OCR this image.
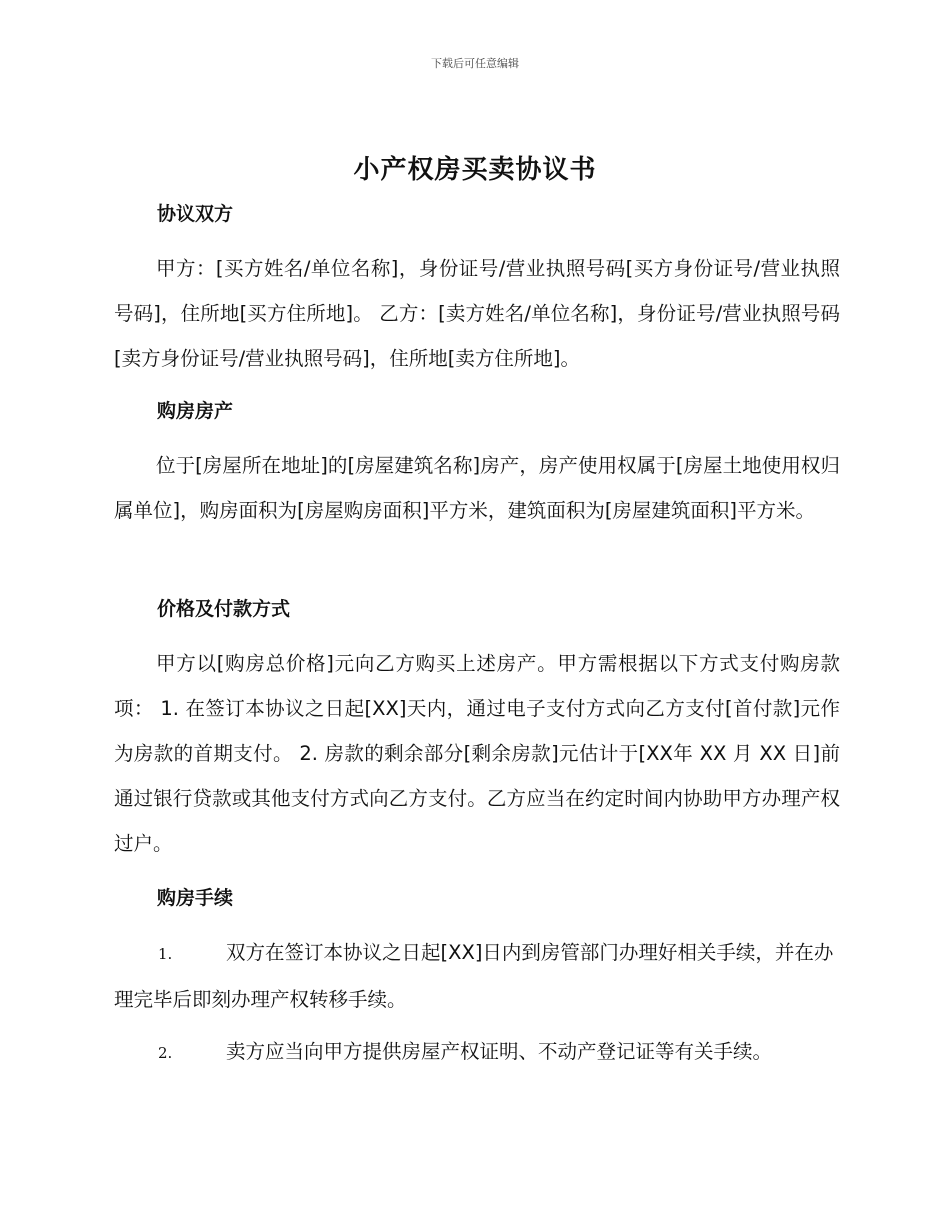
下载后可任意编辑
小产权房买卖协议书
协议双方

甲方：[买方姓名/单位名称]，身份证号/营业执照号码[买方身份证号/营业执照号码]，住所地[买方住所地]。 乙方：[卖方姓名/单位名称]，身份证号/营业执照号码[卖方身份证号/营业执照号码]，住所地[卖方住所地]。

购房房产

位于[房屋所在地址]的[房屋建筑名称]房产，房产使用权属于[房屋土地使用权归属单位]，购房面积为[房屋购房面积]平方米，建筑面积为[房屋建筑面积]平方米。

价格及付款方式

甲方以[购房总价格]元向乙方购买上述房产。甲方需根据以下方式支付购房款项： 1. 在签订本协议之日起[XX]天内，通过电子支付方式向乙方支付[首付款]元作为房款的首期支付。 2. 房款的剩余部分[剩余房款]元估计于[XX年 XX 月 XX 日]前通过银行贷款或其他支付方式向乙方支付。乙方应当在约定时间内协助甲方办理产权过户。

购房手续

1.	双方在签订本协议之日起[XX]日内到房管部门办理好相关手续，并在办理完毕后即刻办理产权转移手续。

2.	卖方应当向甲方提供房屋产权证明、不动产登记证等有关手续。
